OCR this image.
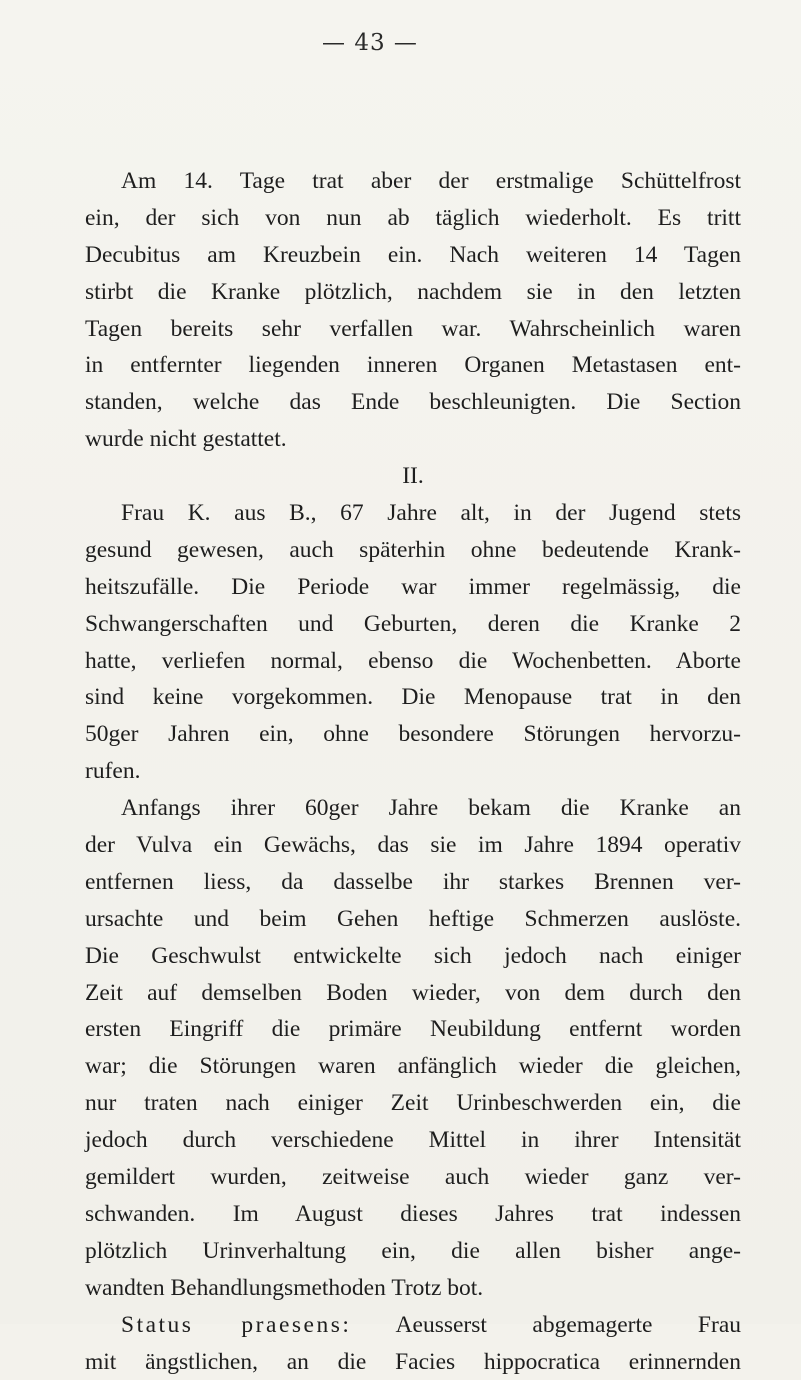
— 43 —
Am 14. Tage trat aber der erstmalige Schüttelfrost
ein, der sich von nun ab täglich wiederholt. Es tritt
Decubitus am Kreuzbein ein. Nach weiteren 14 Tagen
stirbt die Kranke plötzlich, nachdem sie in den letzten
Tagen bereits sehr verfallen war. Wahrscheinlich waren
in entfernter liegenden inneren Organen Metastasen ent-
standen, welche das Ende beschleunigten. Die Section
wurde nicht gestattet.
II.
Frau K. aus B., 67 Jahre alt, in der Jugend stets
gesund gewesen, auch späterhin ohne bedeutende Krank-
heitszufälle. Die Periode war immer regelmässig, die
Schwangerschaften und Geburten, deren die Kranke 2
hatte, verliefen normal, ebenso die Wochenbetten. Aborte
sind keine vorgekommen. Die Menopause trat in den
50ger Jahren ein, ohne besondere Störungen hervorzu-
rufen.
Anfangs ihrer 60ger Jahre bekam die Kranke an
der Vulva ein Gewächs, das sie im Jahre 1894 operativ
entfernen liess, da dasselbe ihr starkes Brennen ver-
ursachte und beim Gehen heftige Schmerzen auslöste.
Die Geschwulst entwickelte sich jedoch nach einiger
Zeit auf demselben Boden wieder, von dem durch den
ersten Eingriff die primäre Neubildung entfernt worden
war; die Störungen waren anfänglich wieder die gleichen,
nur traten nach einiger Zeit Urinbeschwerden ein, die
jedoch durch verschiedene Mittel in ihrer Intensität
gemildert wurden, zeitweise auch wieder ganz ver-
schwanden. Im August dieses Jahres trat indessen
plötzlich Urinverhaltung ein, die allen bisher ange-
wandten Behandlungsmethoden Trotz bot.
Status praesens: Aeusserst abgemagerte Frau
mit ängstlichen, an die Facies hippocratica erinnernden
